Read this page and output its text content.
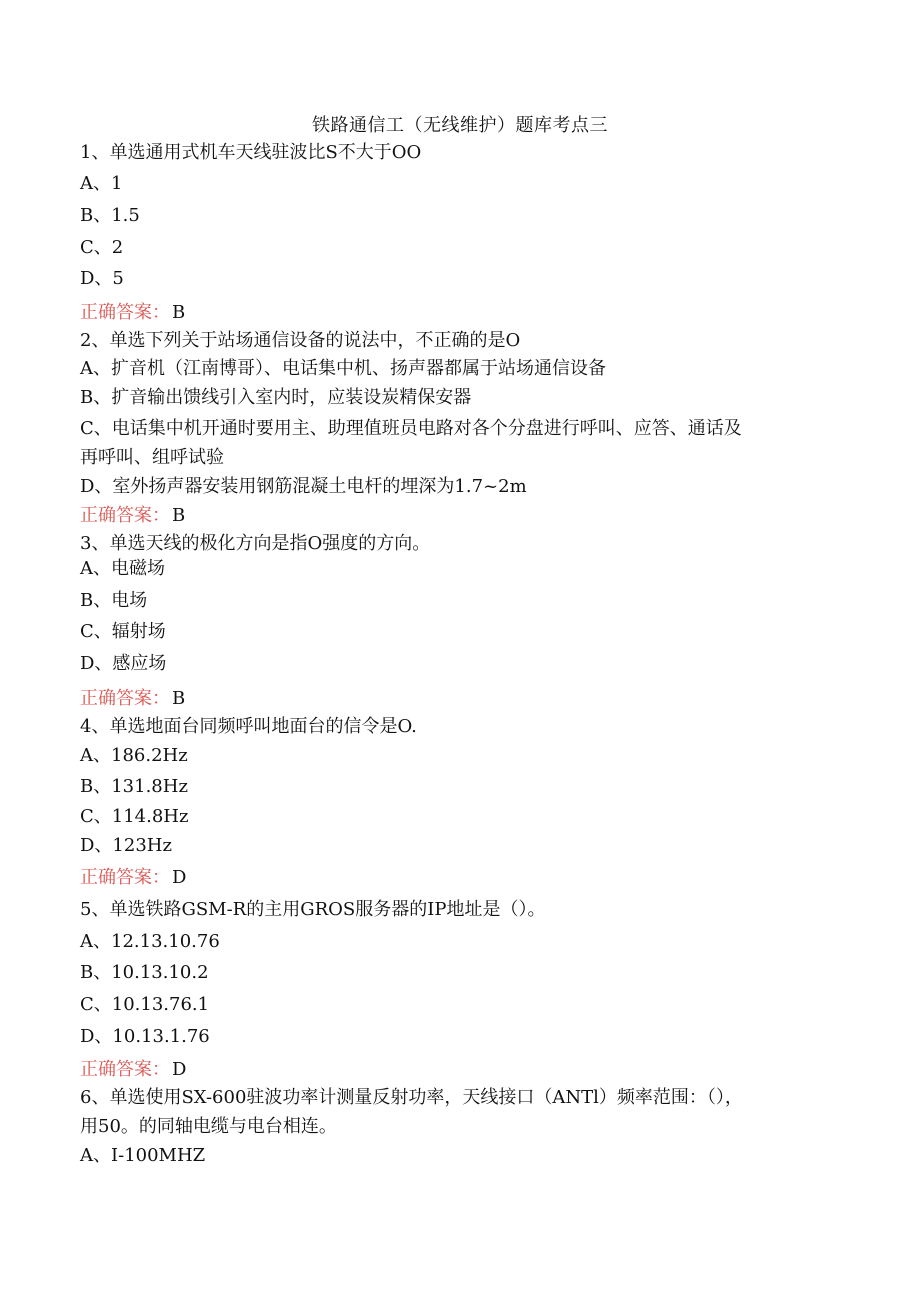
铁路通信工（无线维护）题库考点三
1、单选通用式机车天线驻波比S不大于OO
A、1
B、1.5
C、2
D、5
正确答案： B
2、单选下列关于站场通信设备的说法中，不正确的是O
A、扩音机（江南博哥）、电话集中机、扬声器都属于站场通信设备
B、扩音输出馈线引入室内时，应装设炭精保安器
C、电话集中机开通时要用主、助理值班员电路对各个分盘进行呼叫、应答、通话及
再呼叫、组呼试验
D、室外扬声器安装用钢筋混凝土电杆的埋深为1.7~2m
正确答案： B
3、单选天线的极化方向是指O强度的方向。
A、电磁场
B、电场
C、辐射场
D、感应场
正确答案： B
4、单选地面台同频呼叫地面台的信令是O.
A、186.2Hz
B、131.8Hz
C、114.8Hz
D、123Hz
正确答案： D
5、单选铁路GSM-R的主用GROS服务器的IP地址是（）。
A、12.13.10.76
B、10.13.10.2
C、10.13.76.1
D、10.13.1.76
正确答案： D
6、单选使用SX-600驻波功率计测量反射功率，天线接口（ANTl）频率范围：（），
用50。的同轴电缆与电台相连。
A、I-100MHZ
